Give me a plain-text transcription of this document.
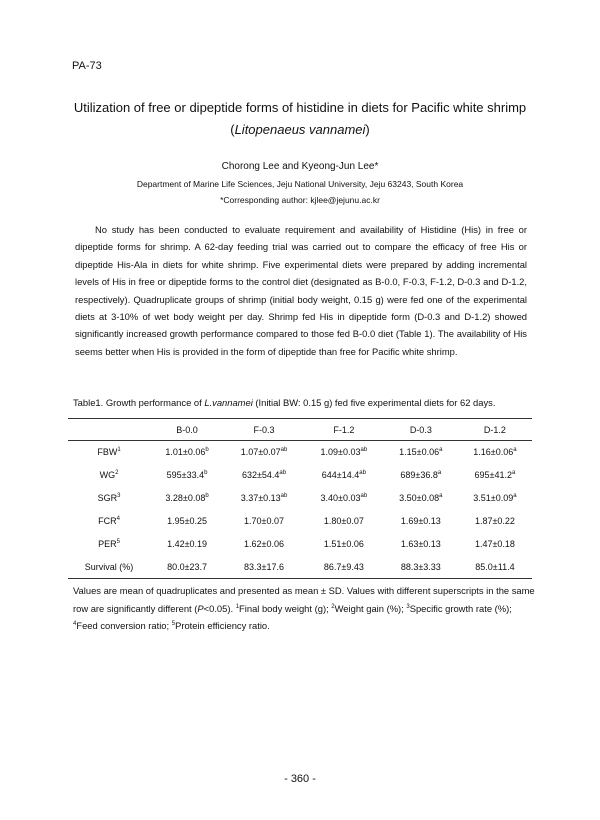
PA-73
Utilization of free or dipeptide forms of histidine in diets for Pacific white shrimp
(Litopenaeus vannamei)
Chorong Lee and Kyeong-Jun Lee*
Department of Marine Life Sciences, Jeju National University, Jeju 63243, South Korea
*Corresponding author: kjlee@jejunu.ac.kr

No study has been conducted to evaluate requirement and availability of Histidine (His) in free or dipeptide forms for shrimp. A 62-day feeding trial was carried out to compare the efficacy of free His or dipeptide His-Ala in diets for white shrimp. Five experimental diets were prepared by adding incremental levels of His in free or dipeptide forms to the control diet (designated as B-0.0, F-0.3, F-1.2, D-0.3 and D-1.2, respectively). Quadruplicate groups of shrimp (initial body weight, 0.15 g) were fed one of the experimental diets at 3-10% of wet body weight per day. Shrimp fed His in dipeptide form (D-0.3 and D-1.2) showed significantly increased growth performance compared to those fed B-0.0 diet (Table 1). The availability of His seems better when His is provided in the form of dipeptide than free for Pacific white shrimp.

Table1. Growth performance of L.vannamei (Initial BW: 0.15 g) fed five experimental diets for 62 days.
	B-0.0	F-0.3	F-1.2	D-0.3	D-1.2
FBW$^1$	1.01±0.06$^b$	1.07±0.07$^{ab}$	1.09±0.03$^{ab}$	1.15±0.06$^a$	1.16±0.06$^a$
$WG^2$	595±33.4$^b$	632±54.4$^{ab}$	644±14.4$^{ab}$	689±36.8$^a$	695±41.2$^a$
SGR$^3$	3.28±0.08$^b$	3.37±0.13$^{ab}$	3.40±0.03$^{ab}$	3.50±0.08$^a$	3.51±0.09$^a$
FCR$^4$	1.95±0.25	1.70±0.07	1.80±0.07	1.69±0.13	1.87±0.22
PER$^5$	1.42±0.19	1.62±0.06	1.51±0.06	1.63±0.13	1.47±0.18
Survival (%)	80.0±23.7	83.3±17.6	86.7±9.43	88.3±3.33	85.0±11.4

Values are mean of quadruplicates and presented as mean ± SD. Values with different superscripts in the same row are significantly different (P<0.05). $^1$Final body weight (g); $^2$Weight gain (%); $^3$Specific growth rate (%); $^4$Feed conversion ratio; $^5$Protein efficiency ratio.

- 360 -
